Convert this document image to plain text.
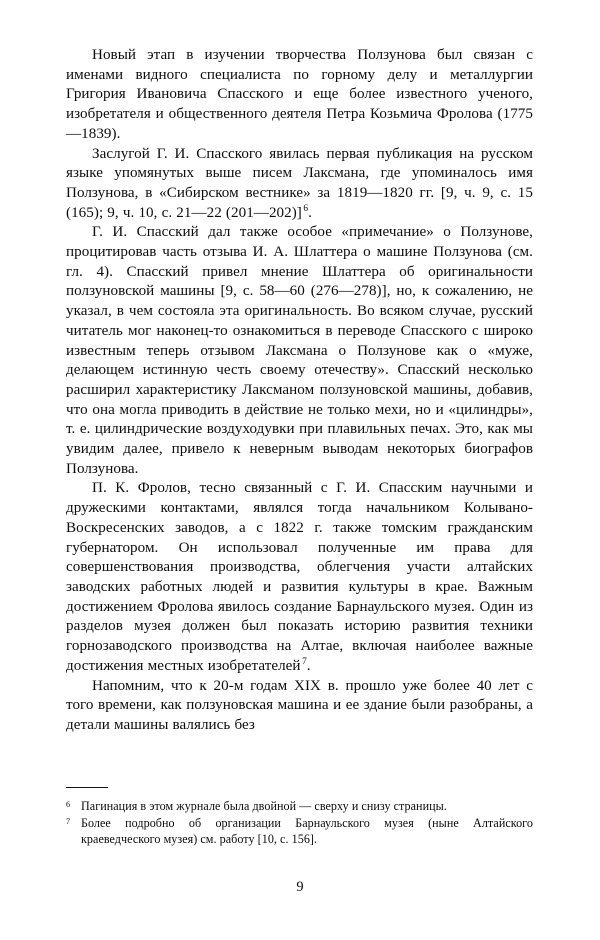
Новый этап в изучении творчества Ползунова был связан с именами видного специалиста по горному делу и металлургии Григория Ивановича Спасского и еще более известного ученого, изобретателя и общественного деятеля Петра Козьмича Фролова (1775—1839).

Заслугой Г. И. Спасского явилась первая публикация на русском языке упомянутых выше писем Лаксмана, где упоминалось имя Ползунова, в «Сибирском вестнике» за 1819—1820 гг. [9, ч. 9, с. 15 (165); 9, ч. 10, с. 21—22 (201—202)] $^6$.

Г. И. Спасский дал также особое «примечание» о Ползунове, процитировав часть отзыва И. А. Шлаттера о машине Ползунова (см. гл. 4). Спасский привел мнение Шлаттера об оригинальности ползуновской машины [9, с. 58—60 (276—278)], но, к сожалению, не указал, в чем состояла эта оригинальность. Во всяком случае, русский читатель мог наконец-то ознакомиться в переводе Спасского с широко известным теперь отзывом Лаксмана о Ползунове как о «муже, делающем истинную честь своему отечеству». Спасский несколько расширил характеристику Лаксманом ползуновской машины, добавив, что она могла приводить в действие не только мехи, но и «цилиндры», т. е. цилиндрические воздуходувки при плавильных печах. Это, как мы увидим далее, привело к неверным выводам некоторых биографов Ползунова.

П. К. Фролов, тесно связанный с Г. И. Спасским научными и дружескими контактами, являлся тогда начальником Колывано-Воскресенских заводов, а с 1822 г. также томским гражданским губернатором. Он использовал полученные им права для совершенствования производства, облегчения участи алтайских заводских работных людей и развития культуры в крае. Важным достижением Фролова явилось создание Барнаульского музея. Один из разделов музея должен был показать историю развития техники горнозаводского производства на Алтае, включая наиболее важные достижения местных изобретателей $^7$.

Напомним, что к 20-м годам XIX в. прошло уже более 40 лет с того времени, как ползуновская машина и ее здание были разобраны, а детали машины валялись без

6 Пагинация в этом журнале была двойной — сверху и снизу страницы.

7 Более подробно об организации Барнаульского музея (ныне Алтайского краеведческого музея) см. работу [10, с. 156].

9
